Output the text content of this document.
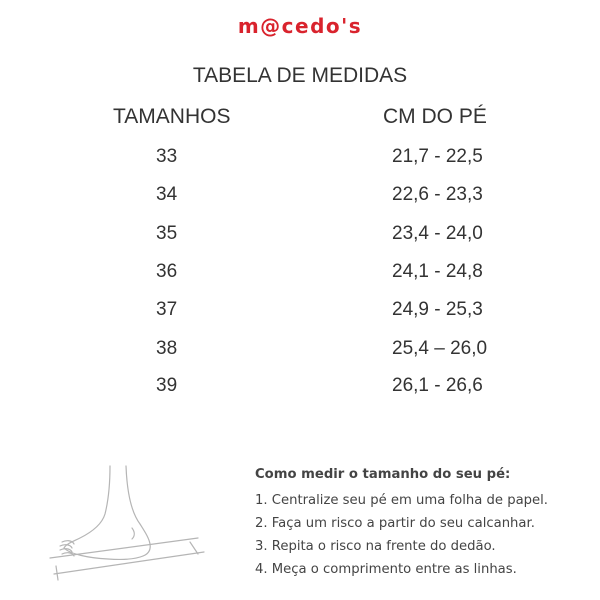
m@cedo's
TABELA DE MEDIDAS
TAMANHOS	CM DO PÉ
33	21,7 - 22,5
34	22,6 - 23,3
35	23,4 - 24,0
36	24,1 - 24,8
37	24,9 - 25,3
38	25,4 – 26,0
39	26,1 - 26,6
Como medir o tamanho do seu pé:
1. Centralize seu pé em uma folha de papel.
2. Faça um risco a partir do seu calcanhar.
3. Repita o risco na frente do dedão.
4. Meça o comprimento entre as linhas.
